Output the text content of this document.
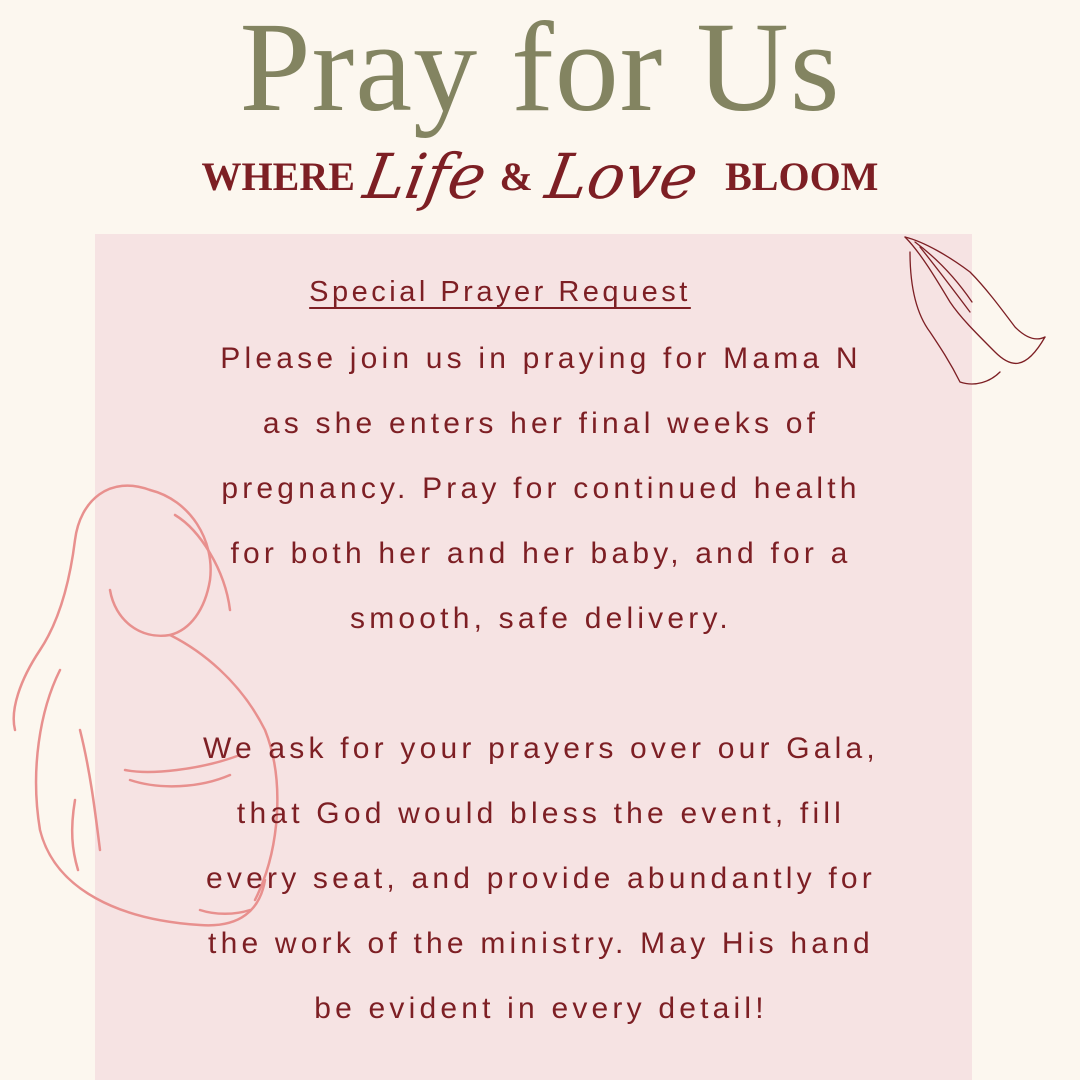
Pray for Us
WHERE Life & Love BLOOM
Special Prayer Request
Please join us in praying for Mama N
as she enters her final weeks of
pregnancy. Pray for continued health
for both her and her baby, and for a
smooth, safe delivery.
We ask for your prayers over our Gala,
that God would bless the event, fill
every seat, and provide abundantly for
the work of the ministry. May His hand
be evident in every detail!
